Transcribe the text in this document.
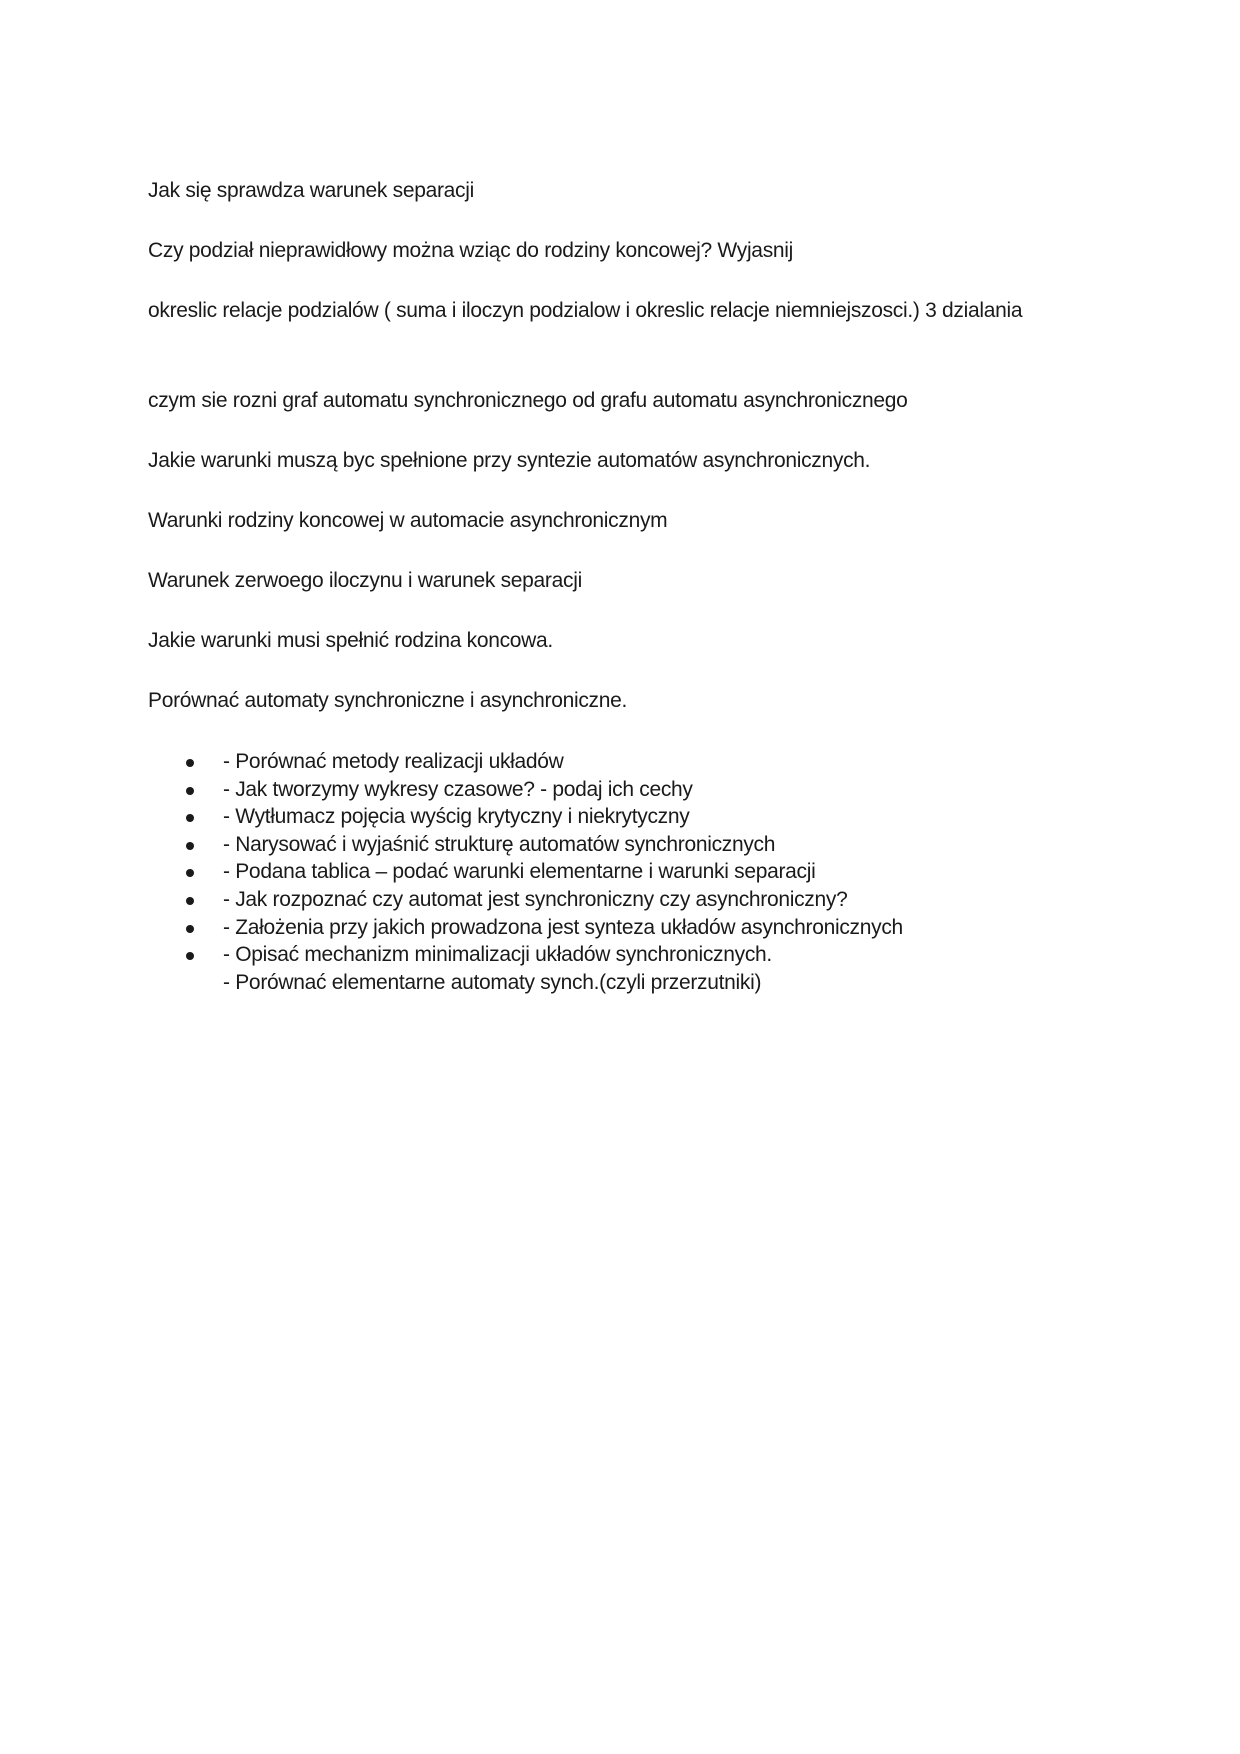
Jak się sprawdza warunek separacji
Czy podział nieprawidłowy można wziąc do rodziny koncowej? Wyjasnij
okreslic relacje podzialów ( suma i iloczyn podzialow i okreslic relacje niemniejszosci.) 3 dzialania
czym sie rozni graf automatu synchronicznego od grafu automatu asynchronicznego
Jakie warunki muszą byc spełnione przy syntezie automatów asynchronicznych.
Warunki rodziny koncowej w automacie asynchronicznym
Warunek zerwoego iloczynu i warunek separacji
Jakie warunki musi spełnić rodzina koncowa.
Porównać automaty synchroniczne i asynchroniczne.
- Porównać metody realizacji układów
- Jak tworzymy wykresy czasowe? - podaj ich cechy
- Wytłumacz pojęcia wyścig krytyczny i niekrytyczny
- Narysować i wyjaśnić strukturę automatów synchronicznych
- Podana tablica – podać warunki elementarne i warunki separacji
- Jak rozpoznać czy automat jest synchroniczny czy asynchroniczny?
- Założenia przy jakich prowadzona jest synteza układów asynchronicznych
- Opisać mechanizm minimalizacji układów synchronicznych.
- Porównać elementarne automaty synch.(czyli przerzutniki)
